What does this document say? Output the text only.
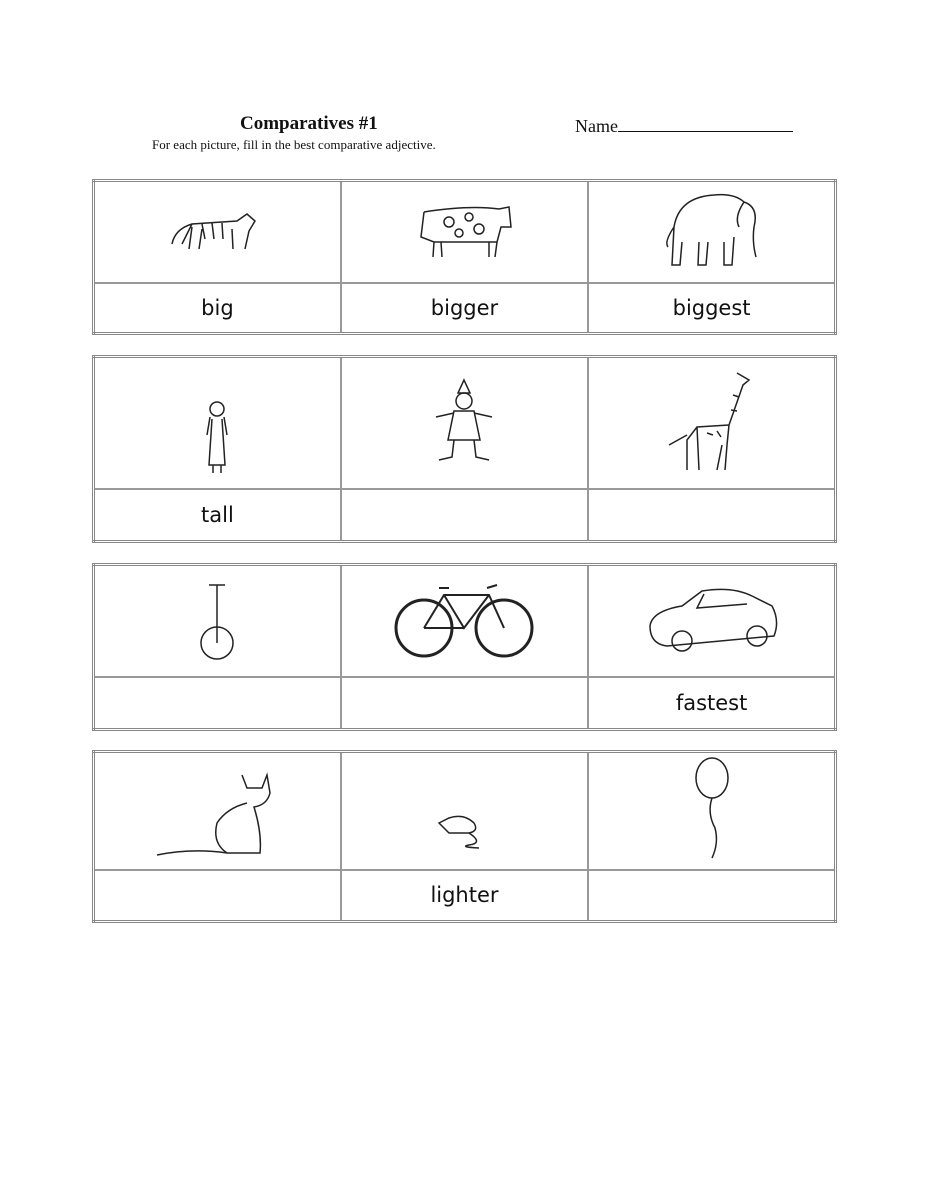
Comparatives #1
For each picture, fill in the best comparative adjective.
Name

big	bigger	biggest

tall		

		fastest

	lighter	
